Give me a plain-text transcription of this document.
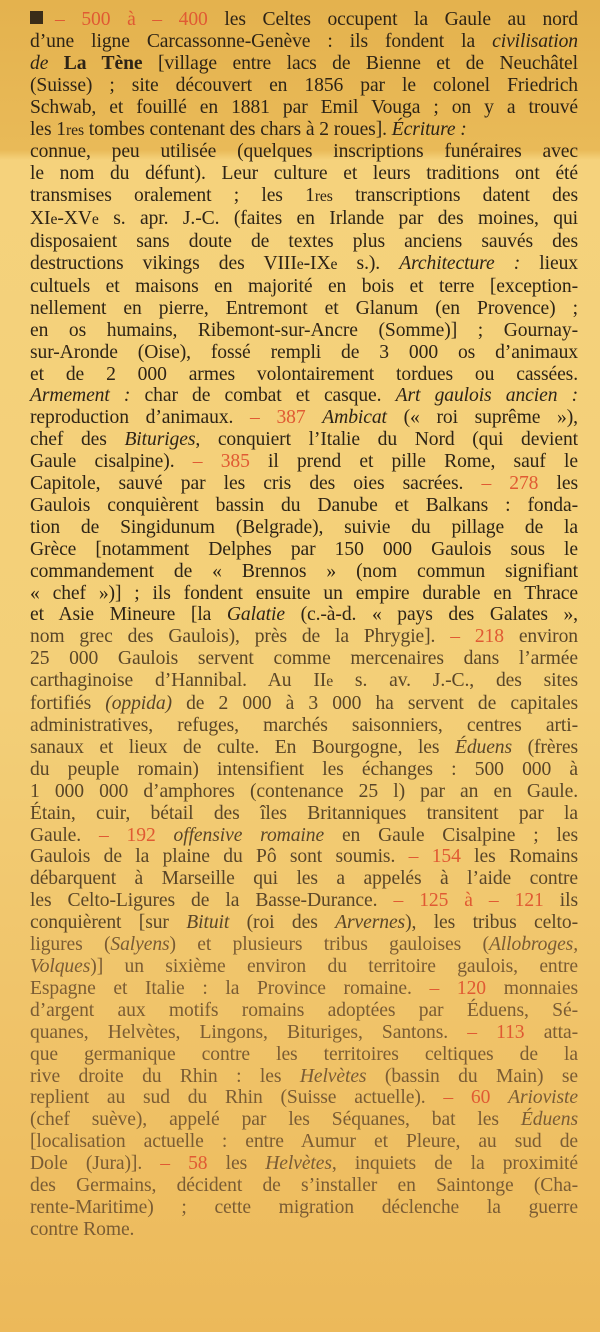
– 500 à – 400 les Celtes occupent la Gaule au nord
d’une ligne Carcassonne-Genève : ils fondent la civilisation
de La Tène [village entre lacs de Bienne et de Neuchâtel
(Suisse) ; site découvert en 1856 par le colonel Friedrich
Schwab, et fouillé en 1881 par Emil Vouga ; on y a trouvé
les 1res tombes contenant des chars à 2 roues]. Écriture :
connue, peu utilisée (quelques inscriptions funéraires avec
le nom du défunt). Leur culture et leurs traditions ont été
transmises oralement ; les 1res transcriptions datent des
XIe-XVe s. apr. J.-C. (faites en Irlande par des moines, qui
disposaient sans doute de textes plus anciens sauvés des
destructions vikings des VIIIe-IXe s.). Architecture : lieux
cultuels et maisons en majorité en bois et terre [exception-
nellement en pierre, Entremont et Glanum (en Provence) ;
en os humains, Ribemont-sur-Ancre (Somme)] ; Gournay-
sur-Aronde (Oise), fossé rempli de 3 000 os d’animaux
et de 2 000 armes volontairement tordues ou cassées.
Armement : char de combat et casque. Art gaulois ancien :
reproduction d’animaux. – 387 Ambicat (« roi suprême »),
chef des Bituriges, conquiert l’Italie du Nord (qui devient
Gaule cisalpine). – 385 il prend et pille Rome, sauf le
Capitole, sauvé par les cris des oies sacrées. – 278 les
Gaulois conquièrent bassin du Danube et Balkans : fonda-
tion de Singidunum (Belgrade), suivie du pillage de la
Grèce [notamment Delphes par 150 000 Gaulois sous le
commandement de « Brennos » (nom commun signifiant
« chef »)] ; ils fondent ensuite un empire durable en Thrace
et Asie Mineure [la Galatie (c.-à-d. « pays des Galates »,
nom grec des Gaulois), près de la Phrygie]. – 218 environ
25 000 Gaulois servent comme mercenaires dans l’armée
carthaginoise d’Hannibal. Au IIe s. av. J.-C., des sites
fortifiés (oppida) de 2 000 à 3 000 ha servent de capitales
administratives, refuges, marchés saisonniers, centres arti-
sanaux et lieux de culte. En Bourgogne, les Éduens (frères
du peuple romain) intensifient les échanges : 500 000 à
1 000 000 d’amphores (contenance 25 l) par an en Gaule.
Étain, cuir, bétail des îles Britanniques transitent par la
Gaule. – 192 offensive romaine en Gaule Cisalpine ; les
Gaulois de la plaine du Pô sont soumis. – 154 les Romains
débarquent à Marseille qui les a appelés à l’aide contre
les Celto-Ligures de la Basse-Durance. – 125 à – 121 ils
conquièrent [sur Bituit (roi des Arvernes), les tribus celto-
ligures (Salyens) et plusieurs tribus gauloises (Allobroges,
Volques)] un sixième environ du territoire gaulois, entre
Espagne et Italie : la Province romaine. – 120 monnaies
d’argent aux motifs romains adoptées par Éduens, Sé-
quanes, Helvètes, Lingons, Bituriges, Santons. – 113 atta-
que germanique contre les territoires celtiques de la
rive droite du Rhin : les Helvètes (bassin du Main) se
replient au sud du Rhin (Suisse actuelle). – 60 Arioviste
(chef suève), appelé par les Séquanes, bat les Éduens
[localisation actuelle : entre Aumur et Pleure, au sud de
Dole (Jura)]. – 58 les Helvètes, inquiets de la proximité
des Germains, décident de s’installer en Saintonge (Cha-
rente-Maritime) ; cette migration déclenche la guerre
contre Rome.
